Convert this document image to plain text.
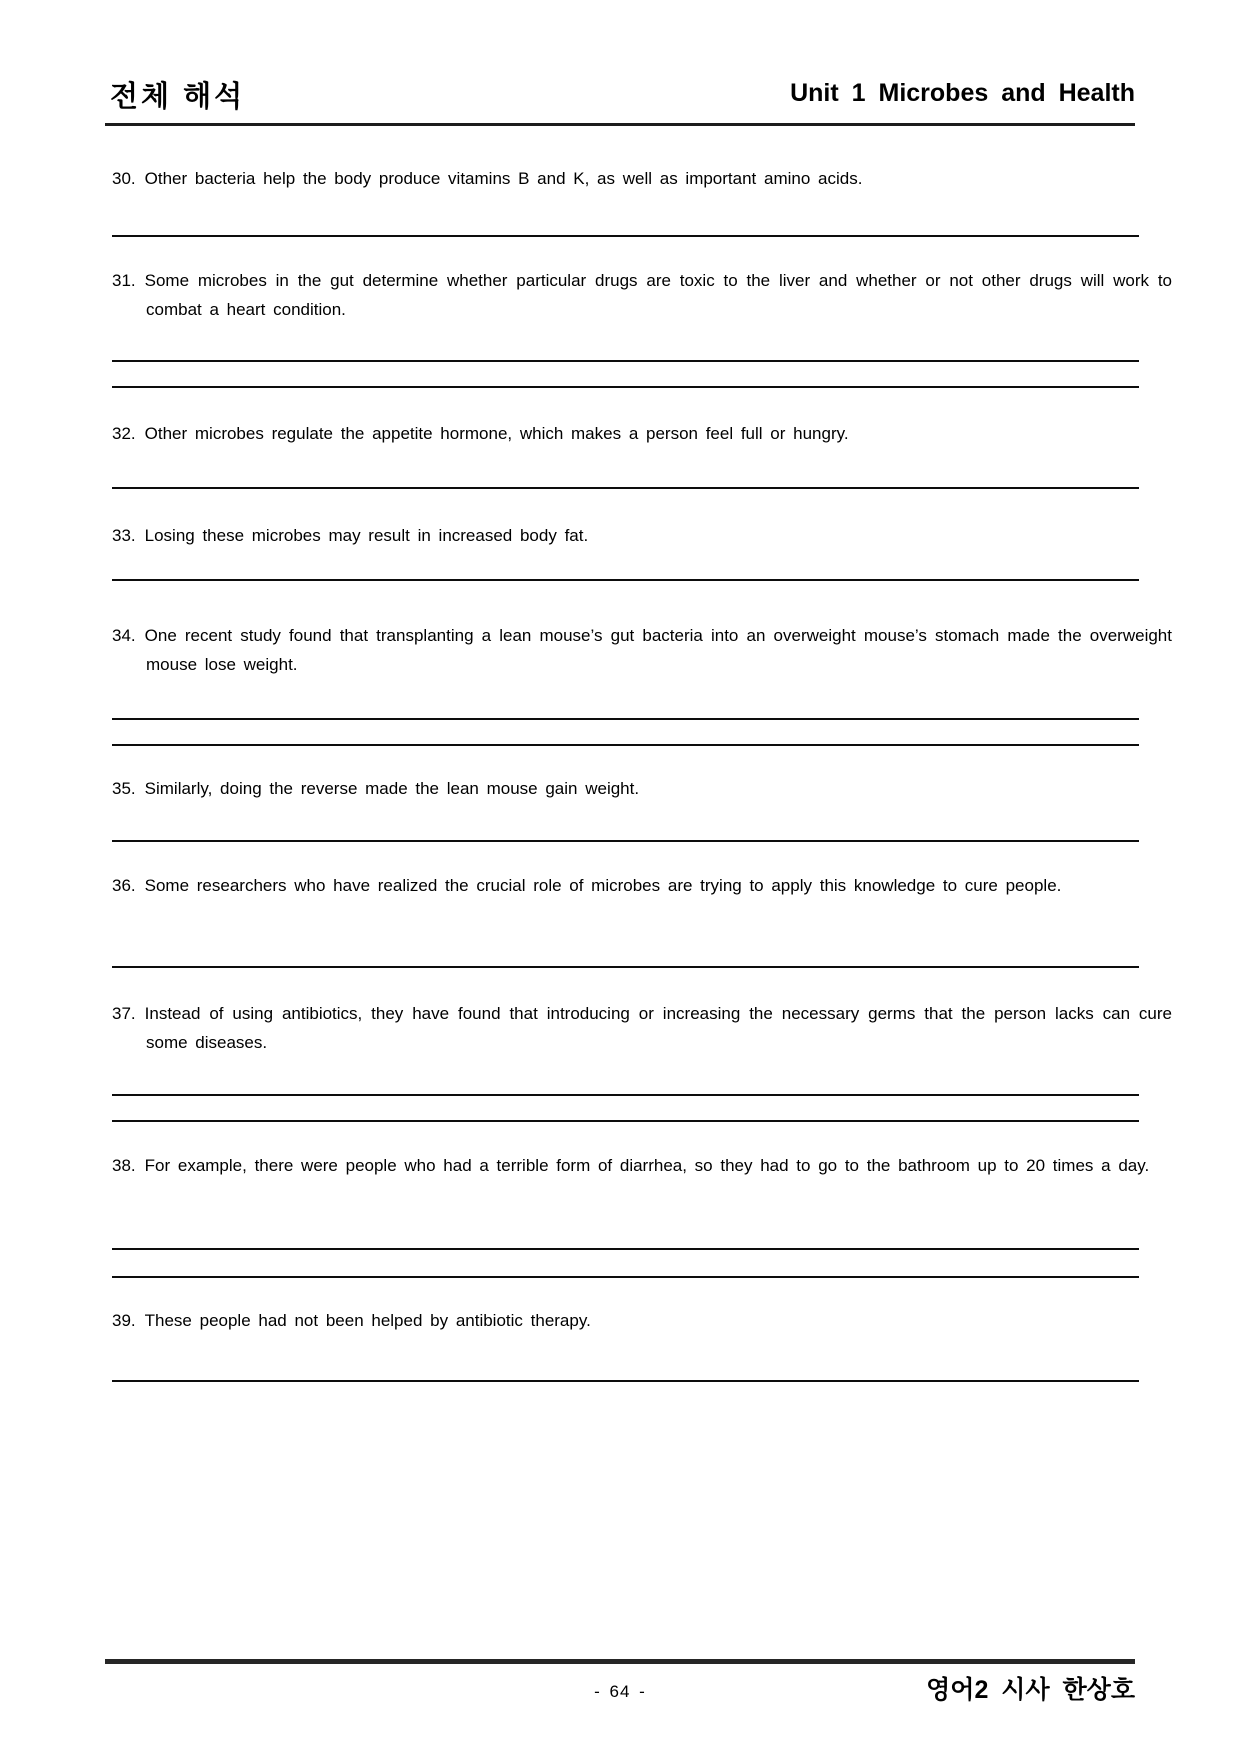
전체 해석	Unit 1 Microbes and Health

30. Other bacteria help the body produce vitamins B and K, as well as important amino acids.

31. Some microbes in the gut determine whether particular drugs are toxic to the liver and whether or not other drugs will work to combat a heart condition.

32. Other microbes regulate the appetite hormone, which makes a person feel full or hungry.

33. Losing these microbes may result in increased body fat.

34. One recent study found that transplanting a lean mouse’s gut bacteria into an overweight mouse’s stomach made the overweight mouse lose weight.

35. Similarly, doing the reverse made the lean mouse gain weight.

36. Some researchers who have realized the crucial role of microbes are trying to apply this knowledge to cure people.

37. Instead of using antibiotics, they have found that introducing or increasing the necessary germs that the person lacks can cure some diseases.

38. For example, there were people who had a terrible form of diarrhea, so they had to go to the bathroom up to 20 times a day.

39. These people had not been helped by antibiotic therapy.

- 64 -	영어2 시사 한상호
